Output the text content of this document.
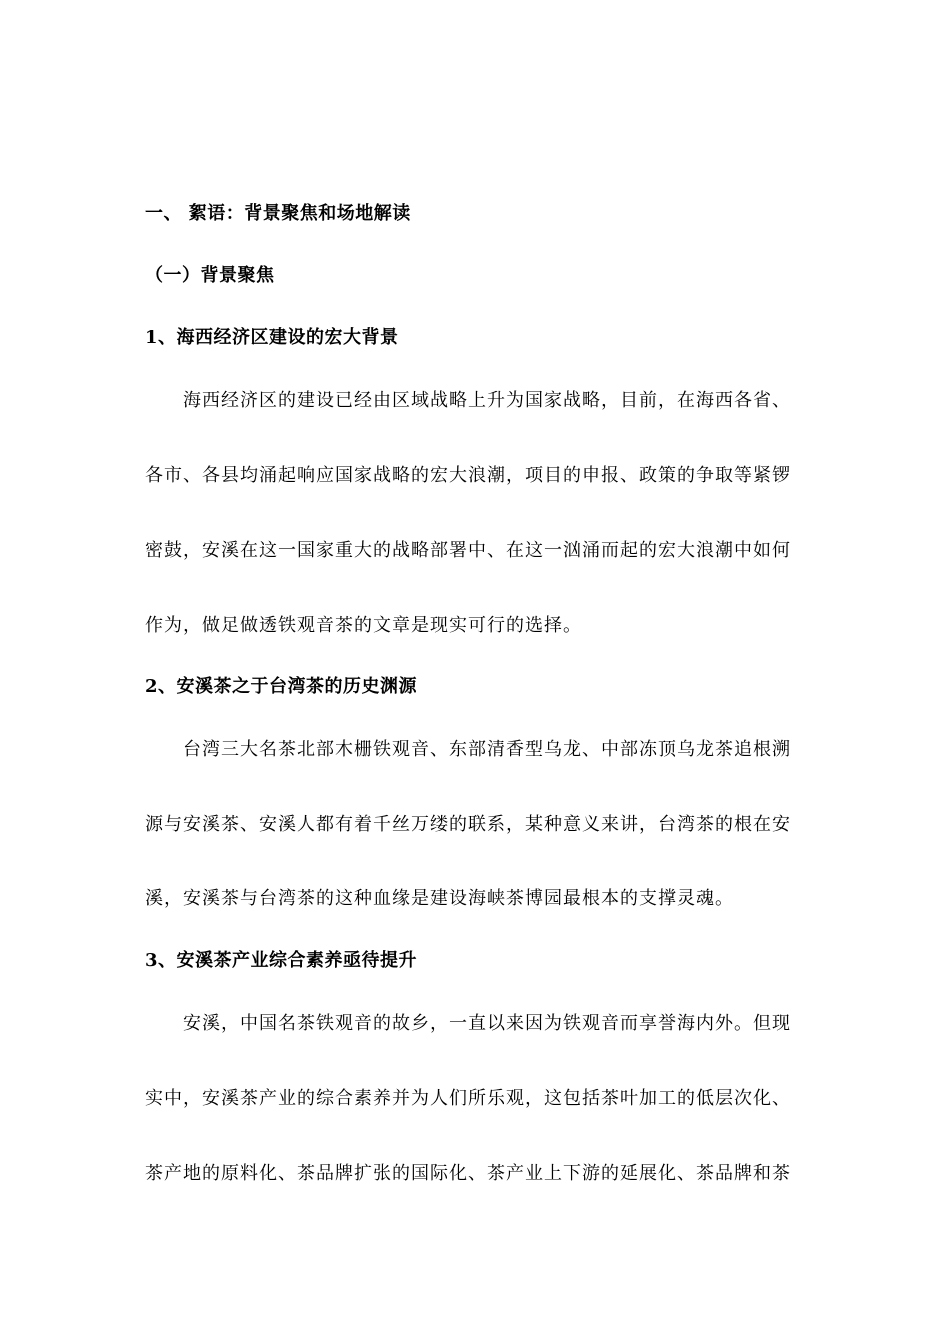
一、 絮语：背景聚焦和场地解读

（一）背景聚焦

1、海西经济区建设的宏大背景

海西经济区的建设已经由区域战略上升为国家战略，目前，在海西各省、

各市、各县均涌起响应国家战略的宏大浪潮，项目的申报、政策的争取等紧锣

密鼓，安溪在这一国家重大的战略部署中、在这一汹涌而起的宏大浪潮中如何

作为，做足做透铁观音茶的文章是现实可行的选择。

2、安溪茶之于台湾茶的历史渊源

台湾三大名茶北部木栅铁观音、东部清香型乌龙、中部冻顶乌龙茶追根溯

源与安溪茶、安溪人都有着千丝万缕的联系，某种意义来讲，台湾茶的根在安

溪，安溪茶与台湾茶的这种血缘是建设海峡茶博园最根本的支撑灵魂。

3、安溪茶产业综合素养亟待提升

安溪，中国名茶铁观音的故乡，一直以来因为铁观音而享誉海内外。但现

实中，安溪茶产业的综合素养并为人们所乐观，这包括茶叶加工的低层次化、

茶产地的原料化、茶品牌扩张的国际化、茶产业上下游的延展化、茶品牌和茶
